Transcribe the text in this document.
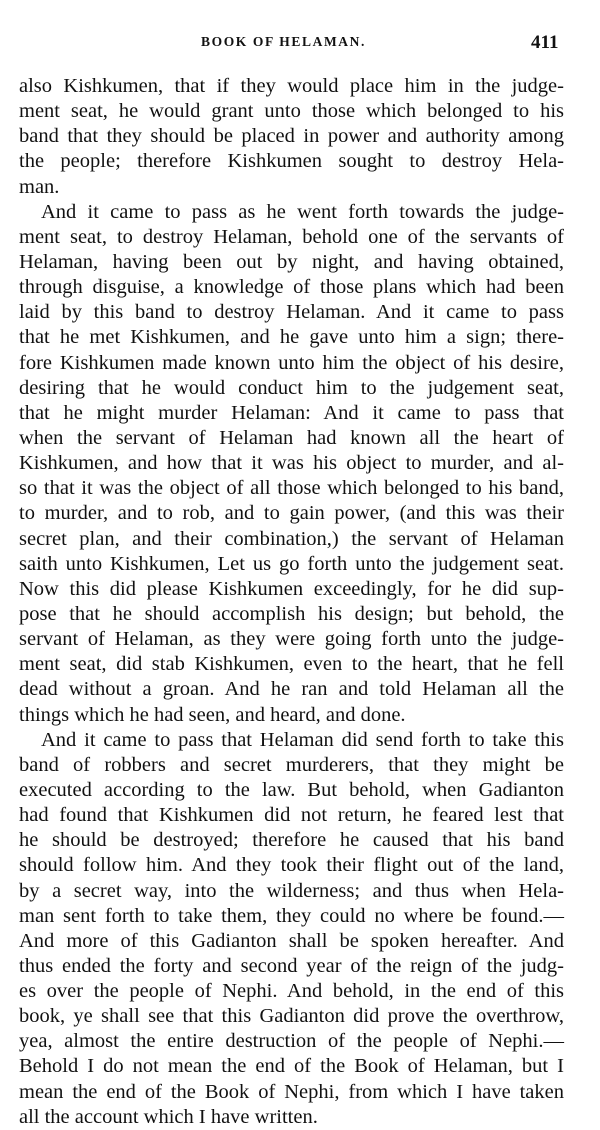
BOOK OF HELAMAN.	411
also Kishkumen, that if they would place him in the judge-
ment seat, he would grant unto those which belonged to his
band that they should be placed in power and authority among
the people; therefore Kishkumen sought to destroy Hela-
man.
And it came to pass as he went forth towards the judge-
ment seat, to destroy Helaman, behold one of the servants of
Helaman, having been out by night, and having obtained,
through disguise, a knowledge of those plans which had been
laid by this band to destroy Helaman. And it came to pass
that he met Kishkumen, and he gave unto him a sign; there-
fore Kishkumen made known unto him the object of his desire,
desiring that he would conduct him to the judgement seat,
that he might murder Helaman: And it came to pass that
when the servant of Helaman had known all the heart of
Kishkumen, and how that it was his object to murder, and al-
so that it was the object of all those which belonged to his band,
to murder, and to rob, and to gain power, (and this was their
secret plan, and their combination,) the servant of Helaman
saith unto Kishkumen, Let us go forth unto the judgement seat.
Now this did please Kishkumen exceedingly, for he did sup-
pose that he should accomplish his design; but behold, the
servant of Helaman, as they were going forth unto the judge-
ment seat, did stab Kishkumen, even to the heart, that he fell
dead without a groan. And he ran and told Helaman all the
things which he had seen, and heard, and done.
And it came to pass that Helaman did send forth to take this
band of robbers and secret murderers, that they might be
executed according to the law. But behold, when Gadianton
had found that Kishkumen did not return, he feared lest that
he should be destroyed; therefore he caused that his band
should follow him. And they took their flight out of the land,
by a secret way, into the wilderness; and thus when Hela-
man sent forth to take them, they could no where be found.—
And more of this Gadianton shall be spoken hereafter. And
thus ended the forty and second year of the reign of the judg-
es over the people of Nephi. And behold, in the end of this
book, ye shall see that this Gadianton did prove the overthrow,
yea, almost the entire destruction of the people of Nephi.—
Behold I do not mean the end of the Book of Helaman, but I
mean the end of the Book of Nephi, from which I have taken
all the account which I have written.
